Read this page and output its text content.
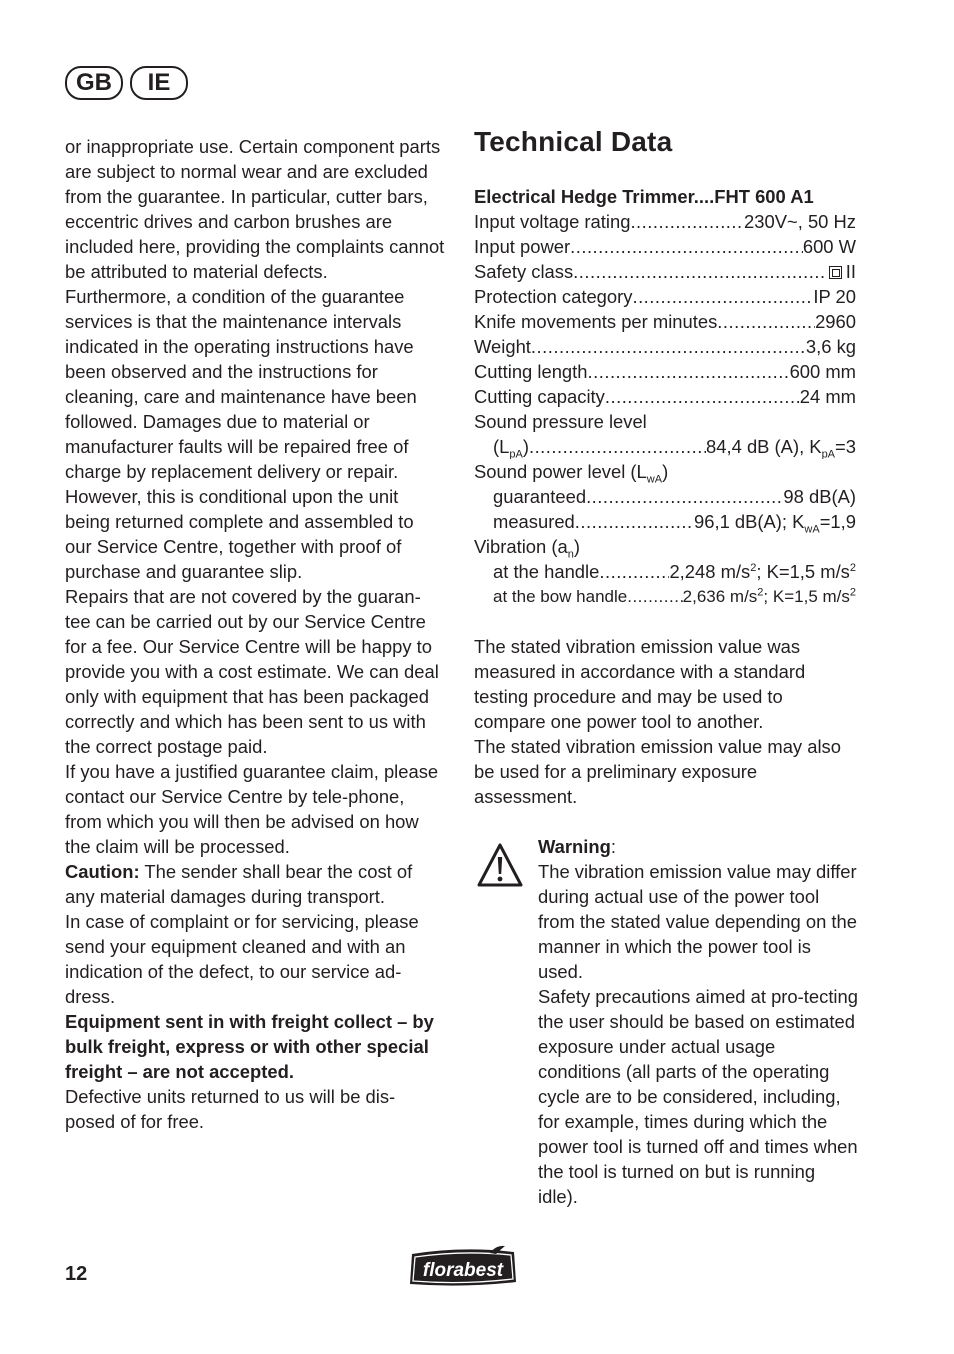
GB	IE

or inappropriate use. Certain component parts are subject to normal wear and are excluded from the guarantee. In particular, cutter bars, eccentric drives and carbon brushes are included here, providing the complaints cannot be attributed to material defects.

Furthermore, a condition of the guarantee services is that the maintenance intervals indicated in the operating instructions have been observed and the instructions for cleaning, care and maintenance have been followed. Damages due to material or manufacturer faults will be repaired free of charge by replacement delivery or repair. However, this is conditional upon the unit being returned complete and assembled to our Service Centre, together with proof of purchase and guarantee slip.

Repairs that are not covered by the guaran-tee can be carried out by our Service Centre for a fee. Our Service Centre will be happy to provide you with a cost estimate. We can deal only with equipment that has been packaged correctly and which has been sent to us with the correct postage paid.

If you have a justified guarantee claim, please contact our Service Centre by tele-phone, from which you will then be advised on how the claim will be processed.

Caution: The sender shall bear the cost of any material damages during transport.

In case of complaint or for servicing, please send your equipment cleaned and with an indication of the defect, to our service ad-dress.

Equipment sent in with freight collect – by bulk freight, express or with other special freight – are not accepted.

Defective units returned to us will be dis-posed of for free.

Technical Data
Electrical Hedge Trimmer.... FHT 600 A1
Input voltage rating .....	230V~, 50 Hz
Input power .....	600 W
Safety class .....	II
Protection category .....	IP 20
Knife movements per minutes .....	2960
Weight .....	3,6 kg
Cutting length .....	600 mm
Cutting capacity .....	24 mm
Sound pressure level
$(L_{pA})$ .....	84,4 dB (A), $K_{pA}=3$
Sound power level $(L_{wA})$
guaranteed .....	98 dB(A)
measured .....	96,1 dB(A); $K_{wA}=1,9$
Vibration $(a_n)$
at the handle .....	2,248 $m/s^2$; K=1,5 $m/s^2$
at the bow handle .....	2,636 $m/s^2$; K=1,5 $m/s^2$

The stated vibration emission value was measured in accordance with a standard testing procedure and may be used to compare one power tool to another.

The stated vibration emission value may also be used for a preliminary exposure assessment.

Warning:

The vibration emission value may differ during actual use of the power tool from the stated value depending on the manner in which the power tool is used.

Safety precautions aimed at pro-tecting the user should be based on estimated exposure under actual usage conditions (all parts of the operating cycle are to be considered, including, for example, times during which the power tool is turned off and times when the tool is turned on but is running idle).

12	florabest
